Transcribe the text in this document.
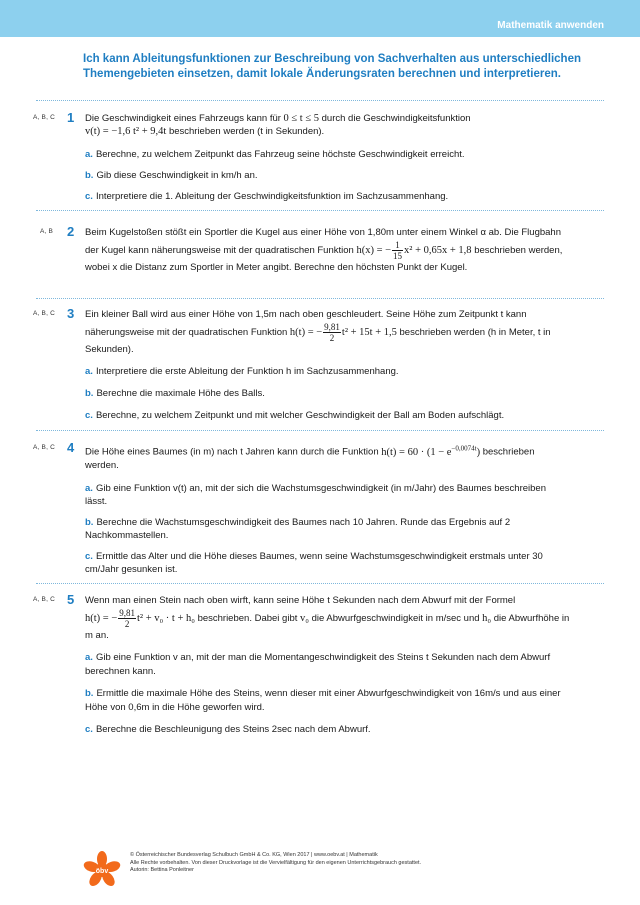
Mathematik anwenden
Ich kann Ableitungsfunktionen zur Beschreibung von Sachverhalten aus unterschiedlichen Themengebieten einsetzen, damit lokale Änderungsraten berechnen und interpretieren.
A, B, C 1 Die Geschwindigkeit eines Fahrzeugs kann für 0 ≤ t ≤ 5 durch die Geschwindigkeitsfunktion
v(t) = −1,6 t² + 9,4t beschrieben werden (t in Sekunden).
a. Berechne, zu welchem Zeitpunkt das Fahrzeug seine höchste Geschwindigkeit erreicht.
b. Gib diese Geschwindigkeit in km/h an.
c. Interpretiere die 1. Ableitung der Geschwindigkeitsfunktion im Sachzusammenhang.
A, B 2 Beim Kugelstoßen stößt ein Sportler die Kugel aus einer Höhe von 1,80m unter einem Winkel α ab. Die Flugbahn der Kugel kann näherungsweise mit der quadratischen Funktion h(x) = − $\frac{1}{15} x^2 + 0,65x + 1,8$ beschrieben werden, wobei x die Distanz zum Sportler in Meter angibt. Berechne den höchsten Punkt der Kugel.
A, B, C 3 Ein kleiner Ball wird aus einer Höhe von 1,5m nach oben geschleudert. Seine Höhe zum Zeitpunkt t kann näherungsweise mit der quadratischen Funktion h(t) = − $\frac{9,81}{2} t^2 + 15t + 1,5$ beschrieben werden (h in Meter, t in Sekunden).
a. Interpretiere die erste Ableitung der Funktion h im Sachzusammenhang.
b. Berechne die maximale Höhe des Balls.
c. Berechne, zu welchem Zeitpunkt und mit welcher Geschwindigkeit der Ball am Boden aufschlägt.
A, B, C 4 Die Höhe eines Baumes (in m) nach t Jahren kann durch die Funktion $h(t) = 60 \cdot (1 - e^{-0,0074t})$ beschrieben werden.
a. Gib eine Funktion v(t) an, mit der sich die Wachstumsgeschwindigkeit (in m/Jahr) des Baumes beschreiben lässt.
b. Berechne die Wachstumsgeschwindigkeit des Baumes nach 10 Jahren. Runde das Ergebnis auf 2 Nachkommastellen.
c. Ermittle das Alter und die Höhe dieses Baumes, wenn seine Wachstumsgeschwindigkeit erstmals unter 30 cm/Jahr gesunken ist.
A, B, C 5 Wenn man einen Stein nach oben wirft, kann seine Höhe t Sekunden nach dem Abwurf mit der Formel h(t) = − $\frac{9,81}{2} t^2 + v_0 \cdot t + h_0$ beschrieben. Dabei gibt v₀ die Abwurfgeschwindigkeit in m/sec und h₀ die Abwurfhöhe in m an.
a. Gib eine Funktion v an, mit der man die Momentangeschwindigkeit des Steins t Sekunden nach dem Abwurf berechnen kann.
b. Ermittle die maximale Höhe des Steins, wenn dieser mit einer Abwurfgeschwindigkeit von 16m/s und aus einer Höhe von 0,6m in die Höhe geworfen wird.
c. Berechne die Beschleunigung des Steins 2sec nach dem Abwurf.
öbv
© Österreichischer Bundesverlag Schulbuch GmbH & Co. KG, Wien 2017 | www.oebv.at | Mathematik
Alle Rechte vorbehalten. Von dieser Druckvorlage ist die Vervielfältigung für den eigenen Unterrichtsgebrauch gestattet.
Autorin: Bettina Ponleitner
